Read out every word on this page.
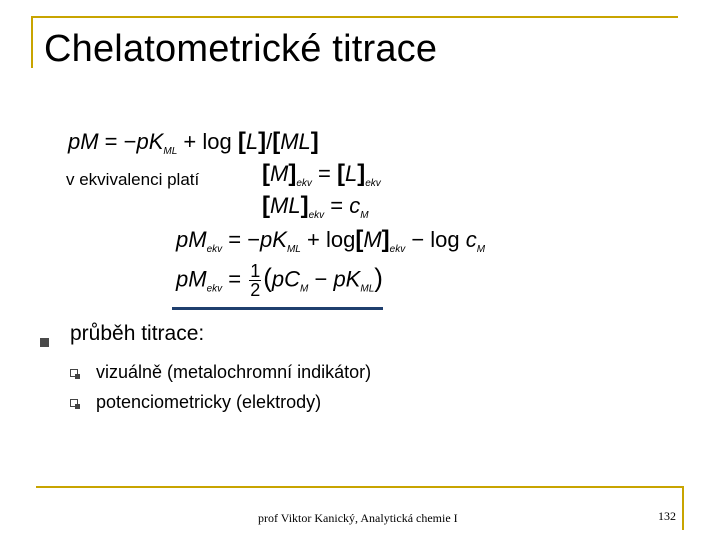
Chelatometrické titrace
pM = $-pK_{ML} + \log [L]/[ML]$
v ekvivalenci platí	$[M]_{ekv} = [L]_{ekv}$
$[ML]_{ekv} = c_M$
$pM_{ekv} = -pK_{ML} + \log[M]_{ekv} - \log c_M$
$pM_{ekv} = \frac{1}{2} (pC_M - pK_{ML})$
průběh titrace:
vizuálně (metalochromní indikátor)
potenciometricky (elektrody)
prof Viktor Kanický, Analytická chemie I	132
